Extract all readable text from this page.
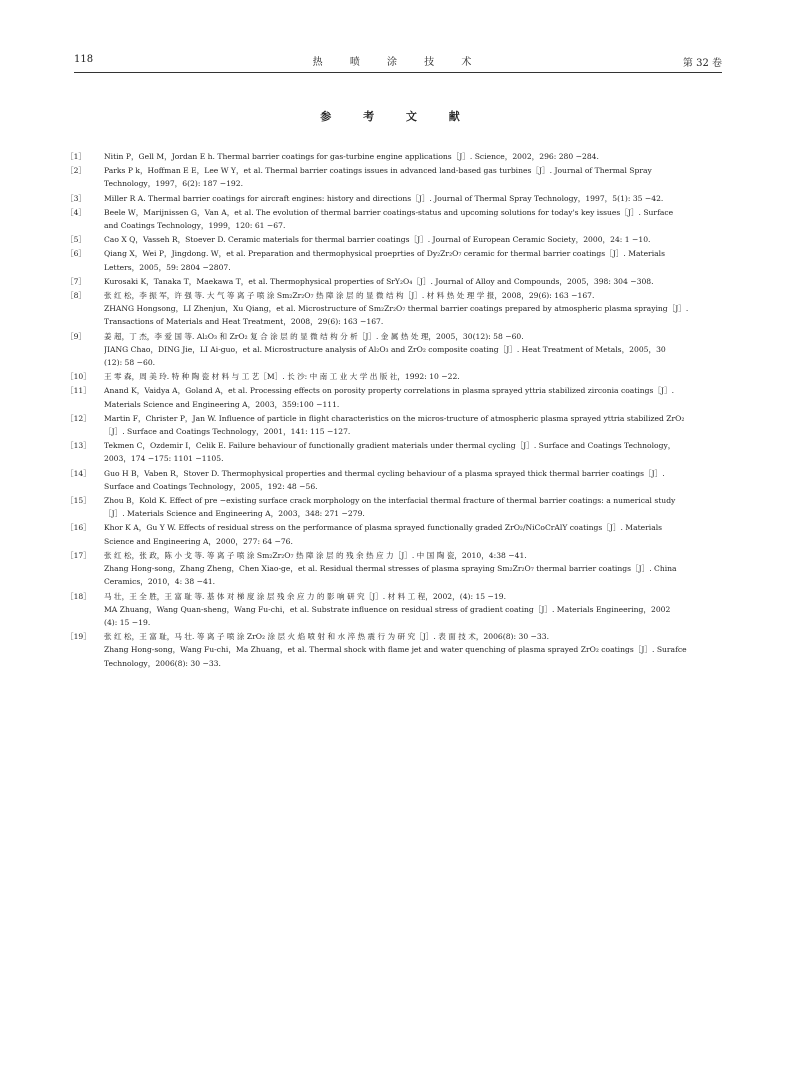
118	热 喷 涂 技 术	第 32 卷
参 考 文 献
［1］	Nitin P，Gell M，Jordan E h. Thermal barrier coatings for gas-turbine engine applications［J］. Science，2002，296: 280 −284.
［2］	Parks P k，Hoffman E E，Lee W Y，et al. Thermal barrier coatings issues in advanced land-based gas turbines［J］. Journal of Thermal Spray
Technology，1997，6(2): 187 −192.
［3］	Miller R A. Thermal barrier coatings for aircraft engines: history and directions［J］. Journal of Thermal Spray Technology，1997，5(1): 35 −42.
［4］	Beele W，Marijnissen G，Van A，et al. The evolution of thermal barrier coatings-status and upcoming solutions for today's key issues［J］. Surface
and Coatings Technology，1999，120: 61 −67.
［5］	Cao X Q，Vasseh R，Stoever D. Ceramic materials for thermal barrier coatings［J］. Journal of European Ceramic Society，2000，24: 1 −10.
［6］	Qiang X，Wei P，Jingdong. W，et al. Preparation and thermophysical proeprties of Dy₂Zr₂O₇ ceramic for thermal barrier coatings［J］. Materials
Letters，2005，59: 2804 −2807.
［7］	Kurosaki K，Tanaka T，Maekawa T，et al. Thermophysical properties of SrY₂O₄［J］. Journal of Alloy and Compounds，2005，398: 304 −308.
［8］	张 红 松，李 振 军，许 强 等. 大 气 等 离 子 喷 涂 Sm₂Zr₂O₇ 热 障 涂 层 的 显 微 结 构［J］. 材 料 热 处 理 学 报，2008，29(6): 163 −167.
ZHANG Hongsong，LI Zhenjun，Xu Qiang，et al. Microstructure of Sm₂Zr₂O₇ thermal barrier coatings prepared by atmospheric plasma spraying［J］.
Transactions of Materials and Heat Treatment，2008，29(6): 163 −167.
［9］	姜 超，丁 杰，李 爱 国 等. Al₂O₃ 和 ZrO₂ 复 合 涂 层 的 显 微 结 构 分 析［J］. 金 属 热 处 理，2005，30(12): 58 −60.
JIANG Chao，DING Jie，LI Ai-guo，et al. Microstructure analysis of Al₂O₃ and ZrO₂ composite coating［J］. Heat Treatment of Metals，2005，30
(12): 58 −60.
［10］	王 零 森，周 美 玲. 特 种 陶 瓷 材 料 与 工 艺［M］. 长 沙: 中 南 工 业 大 学 出 版 社，1992: 10 −22.
［11］	Anand K，Vaidya A，Goland A，et al. Processing effects on porosity property correlations in plasma sprayed yttria stabilized zirconia coatings［J］.
Materials Science and Engineering A，2003，359:100 −111.
［12］	Martin F，Christer P，Jan W. Influence of particle in flight characteristics on the micros-tructure of atmospheric plasma sprayed yttria stabilized ZrO₂
［J］. Surface and Coatings Technology，2001，141: 115 −127.
［13］	Tekmen C，Ozdemir I，Celik E. Failure behaviour of functionally gradient materials under thermal cycling［J］. Surface and Coatings Technology，
2003，174 −175: 1101 −1105.
［14］	Guo H B，Vaben R，Stover D. Thermophysical properties and thermal cycling behaviour of a plasma sprayed thick thermal barrier coatings［J］.
Surface and Coatings Technology，2005，192: 48 −56.
［15］	Zhou B，Kold K. Effect of pre −existing surface crack morphology on the interfacial thermal fracture of thermal barrier coatings: a numerical study
［J］. Materials Science and Engineering A，2003，348: 271 −279.
［16］	Khor K A，Gu Y W. Effects of residual stress on the performance of plasma sprayed functionally graded ZrO₂/NiCoCrAlY coatings［J］. Materials
Science and Engineering A，2000，277: 64 −76.
［17］	张 红 松，张 政，陈 小 戈 等. 等 离 子 喷 涂 Sm₂Zr₂O₇ 热 障 涂 层 的 残 余 热 应 力［J］. 中 国 陶 瓷，2010，4:38 −41.
Zhang Hong-song，Zhang Zheng，Chen Xiao-ge，et al. Residual thermal stresses of plasma spraying Sm₂Zr₂O₇ thermal barrier coatings［J］. China
Ceramics，2010，4: 38 −41.
［18］	马 壮，王 全 胜，王 富 耻 等. 基 体 对 梯 度 涂 层 残 余 应 力 的 影 响 研 究［J］. 材 料 工 程，2002，(4): 15 −19.
MA Zhuang，Wang Quan-sheng，Wang Fu-chi，et al. Substrate influence on residual stress of gradient coating［J］. Materials Engineering，2002
(4): 15 −19.
［19］	张 红 松，王 富 耻，马 壮. 等 离 子 喷 涂 ZrO₂ 涂 层 火 焰 喷 射 和 水 淬 热 震 行 为 研 究［J］. 表 面 技 术，2006(8): 30 −33.
Zhang Hong-song，Wang Fu-chi，Ma Zhuang，et al. Thermal shock with flame jet and water quenching of plasma sprayed ZrO₂ coatings［J］. Surafce
Technology，2006(8): 30 −33.
